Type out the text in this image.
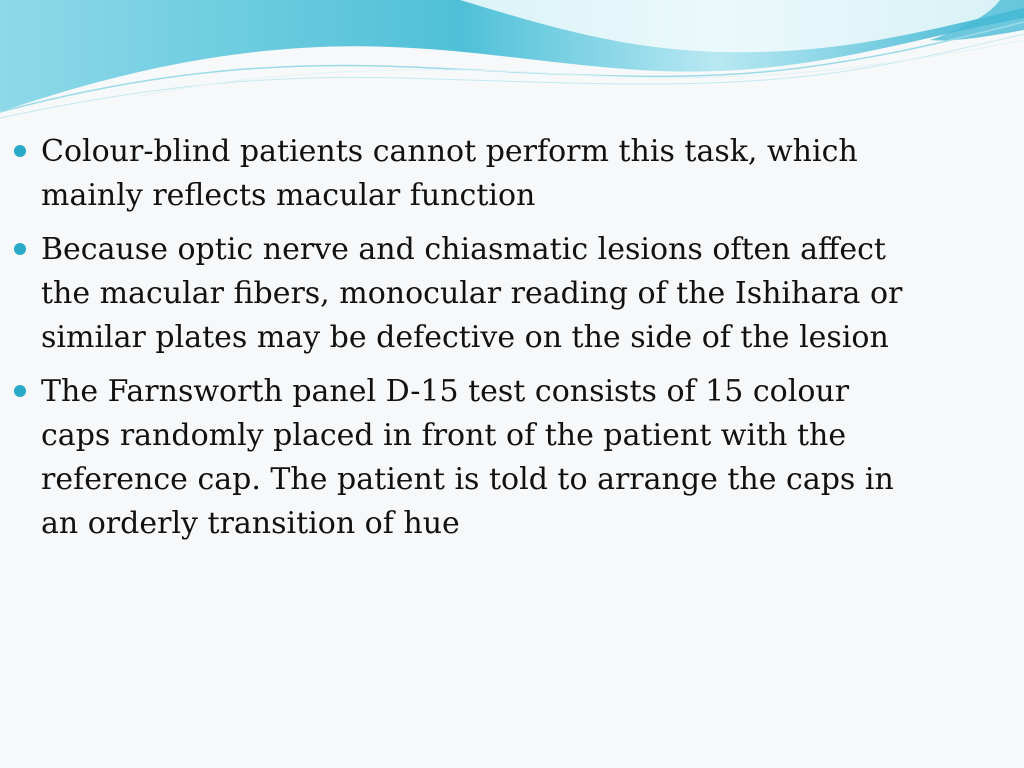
Colour-blind patients cannot perform this task, which mainly reflects macular function
Because optic nerve and chiasmatic lesions often affect the macular fibers, monocular reading of the Ishihara or similar plates may be defective on the side of the lesion
The Farnsworth panel D-15 test consists of 15 colour caps randomly placed in front of the patient with the reference cap. The patient is told to arrange the caps in an orderly transition of hue
